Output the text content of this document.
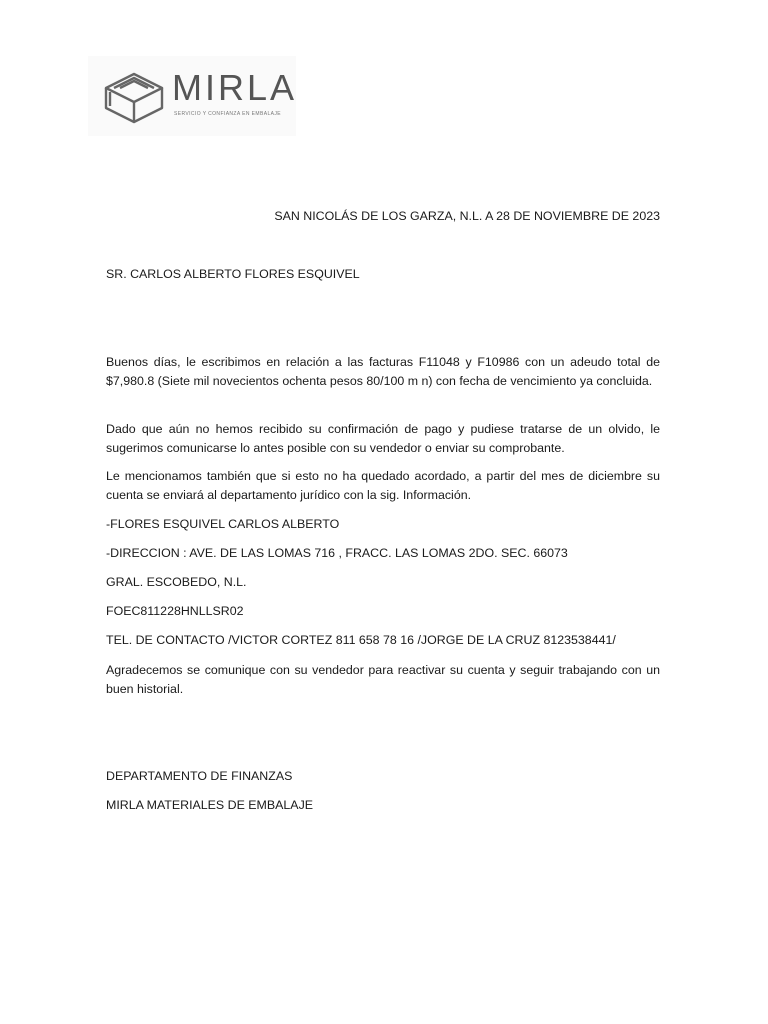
MIRLA
SERVICIO Y CONFIANZA EN EMBALAJE
SAN NICOLÁS DE LOS GARZA, N.L. A 28 DE NOVIEMBRE DE 2023

SR. CARLOS ALBERTO FLORES ESQUIVEL

Buenos días, le escribimos en relación a las facturas F11048 y F10986 con un adeudo total de $7,980.8 (Siete mil novecientos ochenta pesos 80/100 m n) con fecha de vencimiento ya concluida.

Dado que aún no hemos recibido su confirmación de pago y pudiese tratarse de un olvido, le sugerimos comunicarse lo antes posible con su vendedor o enviar su comprobante.

Le mencionamos también que si esto no ha quedado acordado, a partir del mes de diciembre su cuenta se enviará al departamento jurídico con la sig. Información.

-FLORES ESQUIVEL CARLOS ALBERTO

-DIRECCION : AVE. DE LAS LOMAS 716 , FRACC. LAS LOMAS 2DO. SEC. 66073

GRAL. ESCOBEDO, N.L.

FOEC811228HNLLSR02

TEL. DE CONTACTO /VICTOR CORTEZ 811 658 78 16 /JORGE DE LA CRUZ 8123538441/

Agradecemos se comunique con su vendedor para reactivar su cuenta y seguir trabajando con un buen historial.

DEPARTAMENTO DE FINANZAS

MIRLA MATERIALES DE EMBALAJE
